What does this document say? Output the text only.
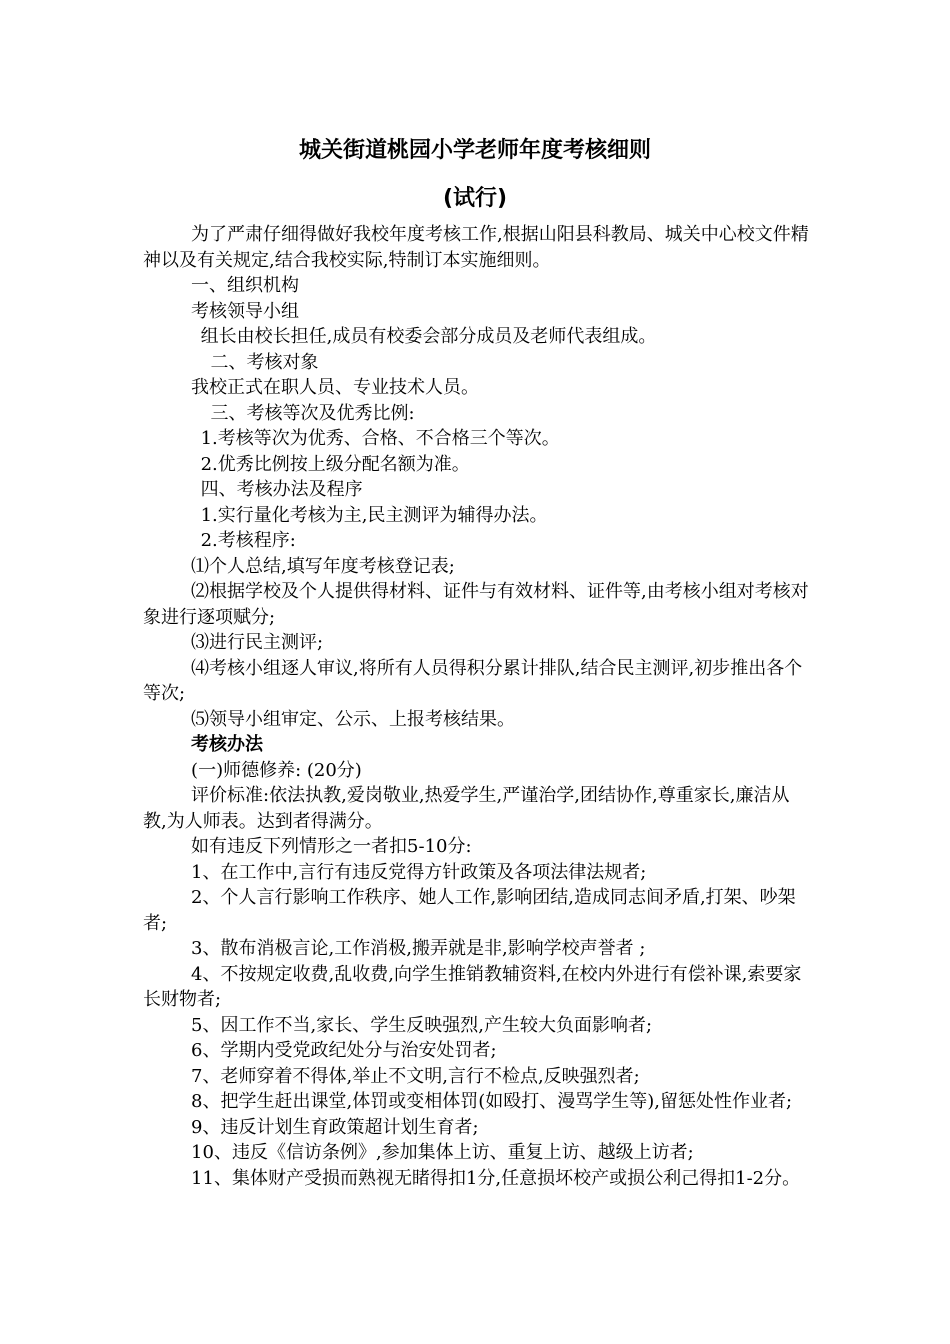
城关街道桃园小学老师年度考核细则
(试行)

为了严肃仔细得做好我校年度考核工作,根据山阳县科教局、城关中心校文件精神以及有关规定,结合我校实际,特制订本实施细则。

一、组织机构

考核领导小组

组长由校长担任,成员有校委会部分成员及老师代表组成。

二、考核对象

我校正式在职人员、专业技术人员。

三、考核等次及优秀比例:

1.考核等次为优秀、合格、不合格三个等次。

2.优秀比例按上级分配名额为准。

四、考核办法及程序

1.实行量化考核为主,民主测评为辅得办法。

2.考核程序:

⑴个人总结,填写年度考核登记表;

⑵根据学校及个人提供得材料、证件与有效材料、证件等,由考核小组对考核对象进行逐项赋分;

⑶进行民主测评;

⑷考核小组逐人审议,将所有人员得积分累计排队,结合民主测评,初步推出各个等次;

⑸领导小组审定、公示、上报考核结果。

考核办法

(一)师德修养: (20分)

评价标准:依法执教,爱岗敬业,热爱学生,严谨治学,团结协作,尊重家长,廉洁从教,为人师表。达到者得满分。

如有违反下列情形之一者扣5-10分:

1、在工作中,言行有违反党得方针政策及各项法律法规者;

2、个人言行影响工作秩序、她人工作,影响团结,造成同志间矛盾,打架、吵架者;

3、散布消极言论,工作消极,搬弄就是非,影响学校声誉者 ;

4、不按规定收费,乱收费,向学生推销教辅资料,在校内外进行有偿补课,索要家长财物者;

5、因工作不当,家长、学生反映强烈,产生较大负面影响者;

6、学期内受党政纪处分与治安处罚者;

7、老师穿着不得体,举止不文明,言行不检点,反映强烈者;

8、把学生赶出课堂,体罚或变相体罚(如殴打、漫骂学生等),留惩处性作业者;

9、违反计划生育政策超计划生育者;

10、违反《信访条例》,参加集体上访、重复上访、越级上访者;

11、集体财产受损而熟视无睹得扣1分,任意损坏校产或损公利己得扣1-2分。
